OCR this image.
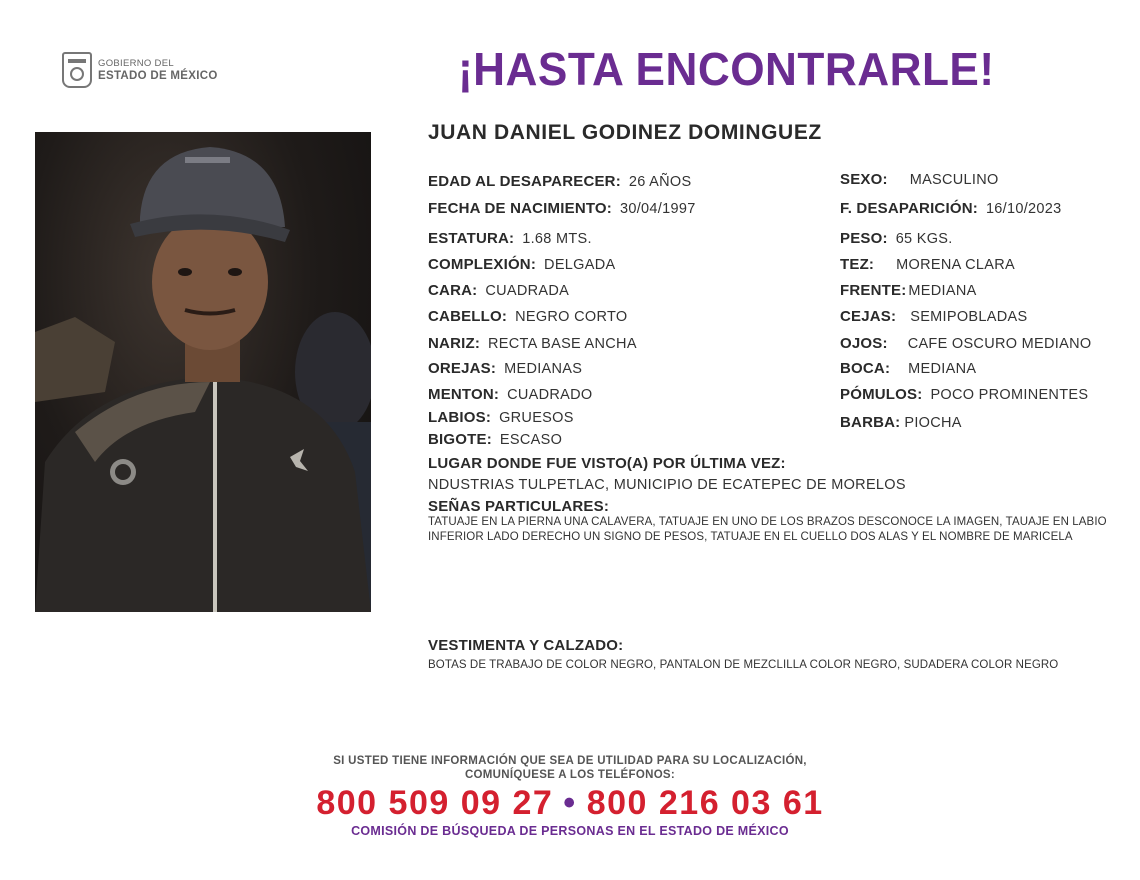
GOBIERNO DEL
ESTADO DE MÉXICO	¡HASTA ENCONTRARLE!
JUAN DANIEL GODINEZ DOMINGUEZ
EDAD AL DESAPARECER: 26 AÑOS
FECHA DE NACIMIENTO: 30/04/1997
ESTATURA: 1.68 MTS.
COMPLEXIÓN: DELGADA
CARA: CUADRADA
CABELLO: NEGRO CORTO
NARIZ: RECTA BASE ANCHA
OREJAS: MEDIANAS
MENTON: CUADRADO
LABIOS: GRUESOS
BIGOTE: ESCASO
SEXO: MASCULINO
F. DESAPARICIÓN: 16/10/2023
PESO: 65 KGS.
TEZ: MORENA CLARA
FRENTE: MEDIANA
CEJAS: SEMIPOBLADAS
OJOS: CAFE OSCURO MEDIANO
BOCA: MEDIANA
PÓMULOS: POCO PROMINENTES
BARBA: PIOCHA
LUGAR DONDE FUE VISTO(A) POR ÚLTIMA VEZ:
NDUSTRIAS TULPETLAC, MUNICIPIO DE ECATEPEC DE MORELOS
SEÑAS PARTICULARES:
TATUAJE EN LA PIERNA UNA CALAVERA, TATUAJE EN UNO DE LOS BRAZOS DESCONOCE LA IMAGEN, TAUAJE EN LABIO INFERIOR LADO DERECHO UN SIGNO DE PESOS, TATUAJE EN EL CUELLO DOS ALAS Y EL NOMBRE DE MARICELA
VESTIMENTA Y CALZADO:
BOTAS DE TRABAJO DE COLOR NEGRO, PANTALON DE MEZCLILLA COLOR NEGRO, SUDADERA COLOR NEGRO
SI USTED TIENE INFORMACIÓN QUE SEA DE UTILIDAD PARA SU LOCALIZACIÓN,
COMUNÍQUESE A LOS TELÉFONOS:
800 509 09 27 • 800 216 03 61
COMISIÓN DE BÚSQUEDA DE PERSONAS EN EL ESTADO DE MÉXICO
